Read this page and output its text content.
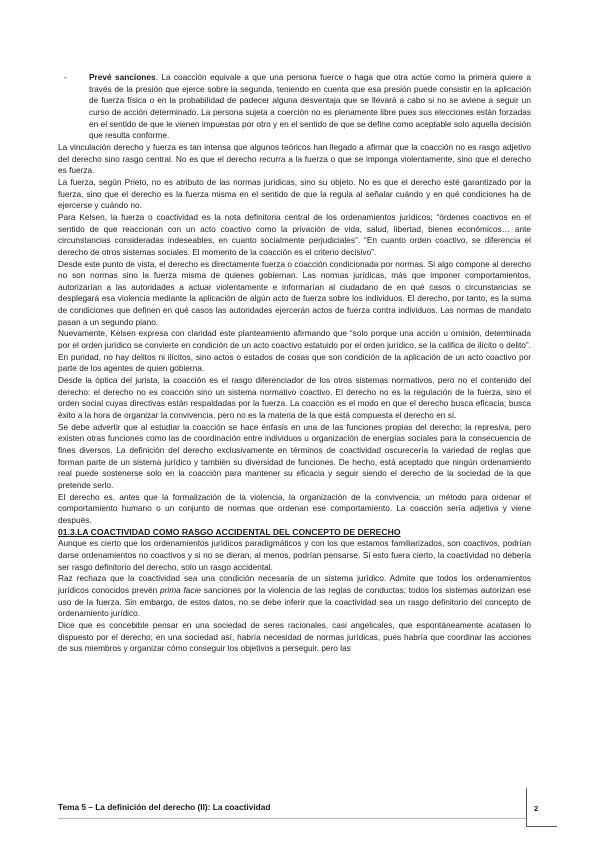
-	Prevé sanciones. La coacción equivale a que una persona fuerce o haga que otra actúe como la primera quiere a través de la presión que ejerce sobre la segunda, teniendo en cuenta que esa presión puede consistir en la aplicación de fuerza física o en la probabilidad de padecer alguna desventaja que se llevará a cabo si no se aviene a seguir un curso de acción determinado. La persona sujeta a coerción no es plenamente libre pues sus elecciones están forzadas en el sentido de que le vienen impuestas por otro y en el sentido de que se define como aceptable solo aquella decisión que resulta conforme.

La vinculación derecho y fuerza es tan intensa que algunos teóricos han llegado a afirmar que la coacción no es rasgo adjetivo del derecho sino rasgo central. No es que el derecho recurra a la fuerza o que se imponga violentamente, sino que el derecho es fuerza.

La fuerza, según Prieto, no es atributo de las normas jurídicas, sino su objeto. No es que el derecho esté garantizado por la fuerza, sino que el derecho es la fuerza misma en el sentido de que la regula al señalar cuándo y en qué condiciones ha de ejercerse y cuándo no.

Para Kelsen, la fuerza o coactividad es la nota definitoria central de los ordenamientos jurídicos; “órdenes coactivos en el sentido de que reaccionan con un acto coactivo como la privación de vida, salud, libertad, bienes económicos… ante circunstancias consideradas indeseables, en cuanto socialmente perjudiciales”. “En cuanto orden coactivo, se diferencia el derecho de otros sistemas sociales. El momento de la coacción es el criterio decisivo”.

Desde este punto de vista, el derecho es directamente fuerza o coacción condicionada por normas. Si algo compone al derecho no son normas sino la fuerza misma de quienes gobiernan. Las normas jurídicas, más que imponer comportamientos, autorizarían a las autoridades a actuar violentamente e informarían al ciudadano de en qué casos o circunstancias se desplegará esa violencia mediante la aplicación de algún acto de fuerza sobre los individuos. El derecho, por tanto, es la suma de condiciones que definen en qué casos las autoridades ejercerán actos de fuerza contra individuos. Las normas de mandato pasan a un segundo plano.

Nuevamente, Kelsen expresa con claridad este planteamiento afirmando que “solo porque una acción u omisión, determinada por el orden jurídico se convierte en condición de un acto coactivo estatuido por el orden jurídico, se la califica de ilícito o delito”. En puridad, no hay delitos ni ilícitos, sino actos o estados de cosas que son condición de la aplicación de un acto coactivo por parte de los agentes de quien gobierna.

Desde la óptica del jurista, la coacción es el rasgo diferenciador de los otros sistemas normativos, pero no el contenido del derecho: el derecho no es coacción sino un sistema normativo coactivo. El derecho no es la regulación de la fuerza, sino el orden social cuyas directivas están respaldadas por la fuerza. La coacción es el modo en que el derecho busca eficacia; busca éxito a la hora de organizar la convivencia, pero no es la materia de la que está compuesta el derecho en sí.

Se debe advertir que al estudiar la coacción se hace énfasis en una de las funciones propias del derecho; la represiva, pero existen otras funciones como las de coordinación entre individuos u organización de energías sociales para la consecuencia de fines diversos. La definición del derecho exclusivamente en términos de coactividad oscurecería la variedad de reglas que forman parte de un sistema jurídico y también su diversidad de funciones. De hecho, está aceptado que ningún ordenamiento real puede sostenerse solo en la coacción para mantener su eficacia y seguir siendo el derecho de la sociedad de la que pretende serlo.

El derecho es, antes que la formalización de la violencia, la organización de la convivencia; un método para ordenar el comportamiento humano o un conjunto de normas que ordenan ese comportamiento. La coacción sería adjetiva y viene después.

01.3.LA COACTIVIDAD COMO RASGO ACCIDENTAL DEL CONCEPTO DE DERECHO

Aunque es cierto que los ordenamientos jurídicos paradigmáticos y con los que estamos familiarizados, son coactivos, podrían darse ordenamientos no coactivos y si no se dieran, al menos, podrían pensarse. Si esto fuera cierto, la coactividad no debería ser rasgo definitorio del derecho, solo un rasgo accidental.

Raz rechaza que la coactividad sea una condición necesaria de un sistema jurídico. Admite que todos los ordenamientos jurídicos conocidos prevén prima facie sanciones por la violencia de las reglas de conductas; todos los sistemas autorizan ese uso de la fuerza. Sin embargo, de estos datos, no se debe inferir que la coactividad sea un rasgo definitorio del concepto de ordenamiento jurídico.

Dice que es concebible pensar en una sociedad de seres racionales, casi angelicales, que espontáneamente acatasen lo dispuesto por el derecho; en una sociedad así, habría necesidad de normas jurídicas, pues habría que coordinar las acciones de sus miembros y organizar cómo conseguir los objetivos a perseguir, pero las

Tema 5 – La definición del derecho (II): La coactividad	2
